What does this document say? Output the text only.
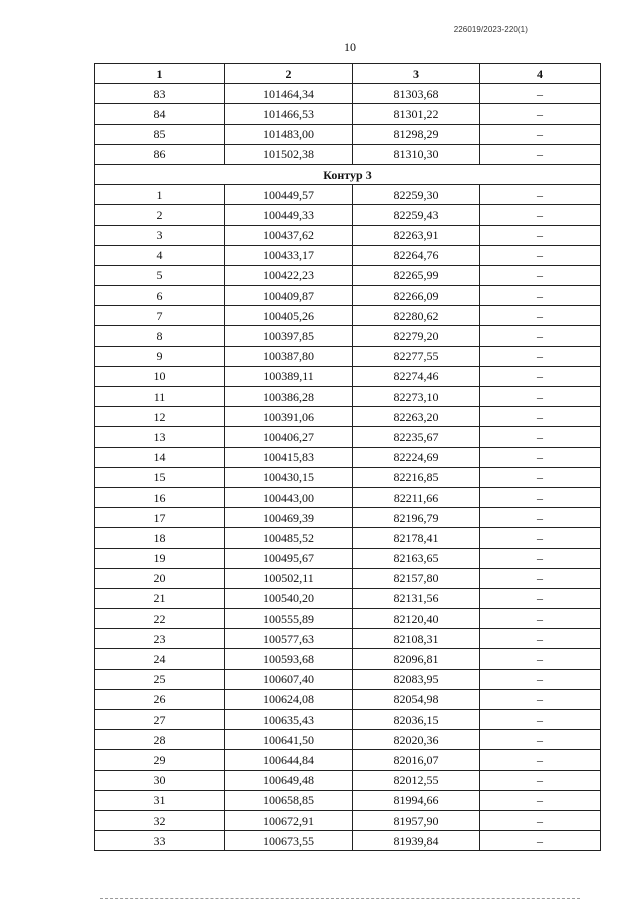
226019/2023-220(1)
10
1	2	3	4
83	101464,34	81303,68	–
84	101466,53	81301,22	–
85	101483,00	81298,29	–
86	101502,38	81310,30	–
Контур 3			
1	100449,57	82259,30	–
2	100449,33	82259,43	–
3	100437,62	82263,91	–
4	100433,17	82264,76	–
5	100422,23	82265,99	–
6	100409,87	82266,09	–
7	100405,26	82280,62	–
8	100397,85	82279,20	–
9	100387,80	82277,55	–
10	100389,11	82274,46	–
11	100386,28	82273,10	–
12	100391,06	82263,20	–
13	100406,27	82235,67	–
14	100415,83	82224,69	–
15	100430,15	82216,85	–
16	100443,00	82211,66	–
17	100469,39	82196,79	–
18	100485,52	82178,41	–
19	100495,67	82163,65	–
20	100502,11	82157,80	–
21	100540,20	82131,56	–
22	100555,89	82120,40	–
23	100577,63	82108,31	–
24	100593,68	82096,81	–
25	100607,40	82083,95	–
26	100624,08	82054,98	–
27	100635,43	82036,15	–
28	100641,50	82020,36	–
29	100644,84	82016,07	–
30	100649,48	82012,55	–
31	100658,85	81994,66	–
32	100672,91	81957,90	–
33	100673,55	81939,84	–
